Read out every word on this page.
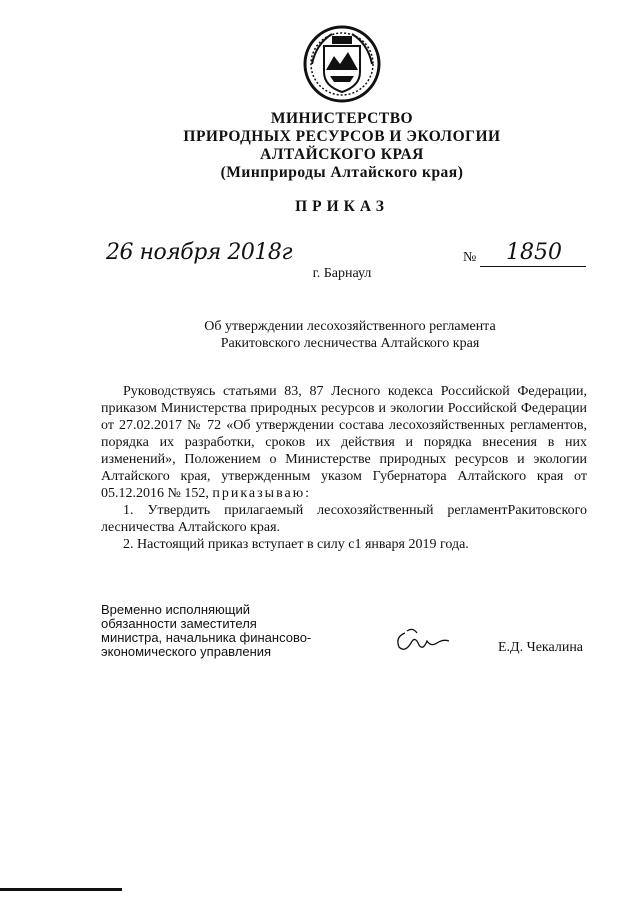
МИНИСТЕРСТВО
ПРИРОДНЫХ РЕСУРСОВ И ЭКОЛОГИИ
АЛТАЙСКОГО КРАЯ
(Минприроды Алтайского края)
ПРИКАЗ
26 ноября 2018г	№ 1850
г. Барнаул
Об утверждении лесохозяйственного регламента
Ракитовского лесничества Алтайского края

Руководствуясь статьями 83, 87 Лесного кодекса Российской Федерации, приказом Министерства природных ресурсов и экологии Российской Федерации от 27.02.2017 № 72 «Об утверждении состава лесохозяйственных регламентов, порядка их разработки, сроков их действия и порядка внесения в них изменений», Положением о Министерстве природных ресурсов и экологии Алтайского края, утвержденным указом Губернатора Алтайского края от 05.12.2016 № 152, приказываю:

1. Утвердить прилагаемый лесохозяйственный регламентРакитовского лесничества Алтайского края.

2. Настоящий приказ вступает в силу с1 января 2019 года.

Временно исполняющий
обязанности заместителя
министра, начальника финансово-
экономического управления	Е.Д. Чекалина
